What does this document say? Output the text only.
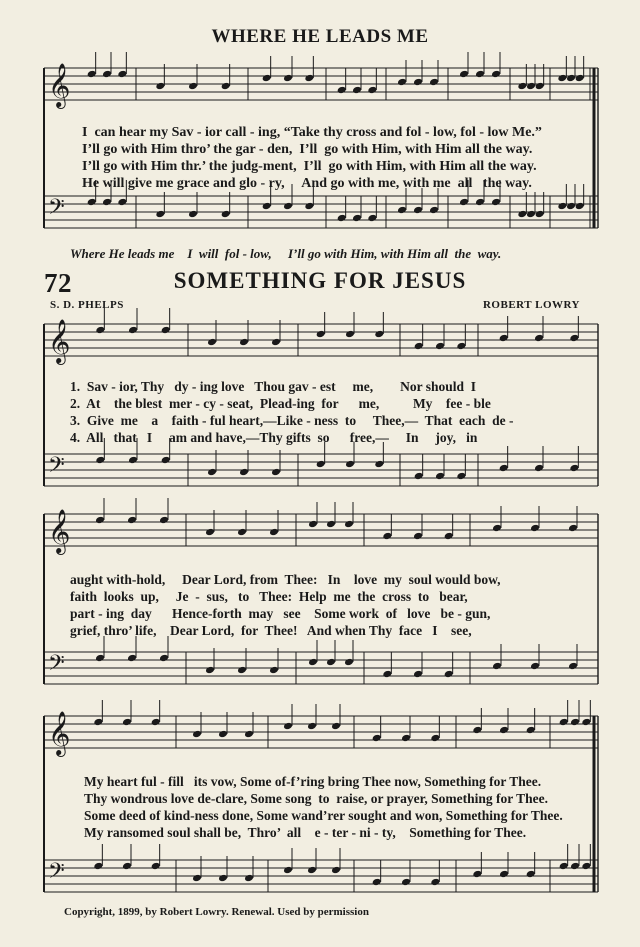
WHERE HE LEADS ME
𝄞
𝄢
𝄞
𝄢
𝄞
𝄢
𝄞
𝄢
I  can hear my Sav - ior call - ing, “Take thy cross and fol - low, fol - low Me.”
I’ll go with Him thro’ the gar - den,  I’ll  go with Him, with Him all the way.
I’ll go with Him thr.’ the judg-ment,  I’ll  go with Him, with Him all the way.
He will give me grace and glo - ry,     And go with me, with me  all   the way.
Where He leads me    I  will  fol - low,     I’ll go with Him, with Him all  the  way.
72	SOMETHING FOR JESUS
S. D. PHELPS	ROBERT LOWRY
1.  Sav - ior, Thy   dy - ing love   Thou gav - est     me,        Nor should  I
2.  At    the blest  mer - cy - seat,  Plead-ing  for      me,          My    fee - ble
3.  Give  me    a    faith - ful heart,—Like - ness  to     Thee,—  That  each  de -
4.  All   that   I     am and have,—Thy gifts  so      free,—     In     joy,   in
aught with-hold,     Dear Lord, from  Thee:   In    love  my  soul would bow,
faith  looks  up,     Je  -  sus,   to   Thee:  Help  me  the  cross  to   bear,
part - ing  day      Hence-forth  may   see    Some work  of   love   be - gun,
grief, thro’ life,    Dear Lord,  for  Thee!   And when Thy  face   I    see,
My heart ful - fill   its vow, Some of-f’ring bring Thee now, Something for Thee.
Thy wondrous love de-clare, Some song  to  raise, or prayer, Something for Thee.
Some deed of kind-ness done, Some wand’rer sought and won, Something for Thee.
My ransomed soul shall be,  Thro’  all    e - ter - ni - ty,    Something for Thee.
Copyright, 1899, by Robert Lowry. Renewal. Used by permission
